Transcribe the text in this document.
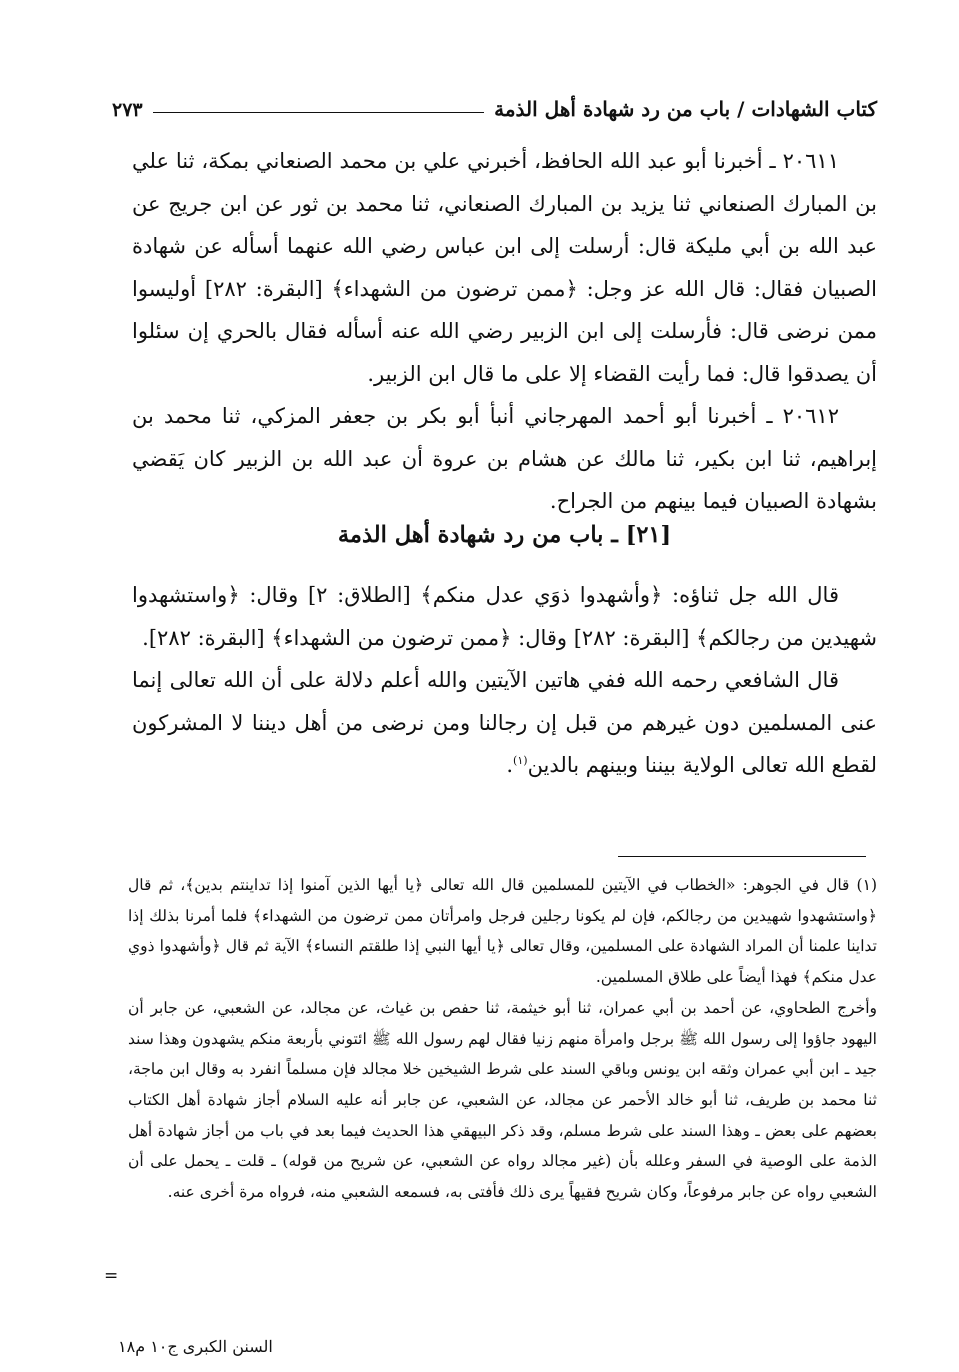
كتاب الشهادات / باب من رد شهادة أهل الذمة
٢٧٣

٢٠٦١١ ـ أخبرنا أبو عبد الله الحافظ، أخبرني علي بن محمد الصنعاني بمكة، ثنا علي بن المبارك الصنعاني ثنا يزيد بن المبارك الصنعاني، ثنا محمد بن ثور عن ابن جريج عن عبد الله بن أبي مليكة قال: أرسلت إلى ابن عباس رضي الله عنهما أسأله عن شهادة الصبيان فقال: قال الله عز وجل: ﴿ممن ترضون من الشهداء﴾ [البقرة: ٢٨٢] أوليسوا ممن نرضى قال: فأرسلت إلى ابن الزبير رضي الله عنه أسأله فقال بالحري إن سئلوا أن يصدقوا قال: فما رأيت القضاء إلا على ما قال ابن الزبير.

٢٠٦١٢ ـ أخبرنا أبو أحمد المهرجاني أنبأ أبو بكر بن جعفر المزكي، ثنا محمد بن إبراهيم، ثنا ابن بكير، ثنا مالك عن هشام بن عروة أن عبد الله بن الزبير كان يَقضي بشهادة الصبيان فيما بينهم من الجراح.

[٢١] ـ باب من رد شهادة أهل الذمة

قال الله جل ثناؤه: ﴿وأشهدوا ذوَي عدل منكم﴾ [الطلاق: ٢] وقال: ﴿واستشهدوا شهيدين من رجالكم﴾ [البقرة: ٢٨٢] وقال: ﴿ممن ترضون من الشهداء﴾ [البقرة: ٢٨٢].

قال الشافعي رحمه الله ففي هاتين الآيتين والله أعلم دلالة على أن الله تعالى إنما عنى المسلمين دون غيرهم من قبل إن رجالنا ومن نرضى من أهل ديننا لا المشركون لقطع الله تعالى الولاية بيننا وبينهم بالدين$^{(١)}$.

(١) قال في الجوهر: «الخطاب في الآيتين للمسلمين قال الله تعالى ﴿يا أيها الذين آمنوا إذا تداينتم بدين﴾، ثم قال ﴿واستشهدوا شهيدين من رجالكم، فإن لم يكونا رجلين فرجل وامرأتان ممن ترضون من الشهداء﴾ فلما أمرنا بذلك إذا تداينا علمنا أن المراد الشهادة على المسلمين، وقال تعالى ﴿يا أيها النبي إذا طلقتم النساء﴾ الآية ثم قال ﴿وأشهدوا ذوي عدل منكم﴾ فهذا أيضاً على طلاق المسلمين.

وأخرج الطحاوي، عن أحمد بن أبي عمران، ثنا أبو خيثمة، ثنا حفص بن غياث، عن مجالد، عن الشعبي، عن جابر أن اليهود جاؤوا إلى رسول الله ﷺ برجل وامرأة منهم زنيا فقال لهم رسول الله ﷺ ائتوني بأربعة منكم يشهدون وهذا سند جيد ـ ابن أبي عمران وثقه ابن يونس وباقي السند على شرط الشيخين خلا مجالد فإن مسلماً انفرد به وقال ابن ماجة، ثنا محمد بن طريف، ثنا أبو خالد الأحمر عن مجالد، عن الشعبي، عن جابر أنه عليه السلام أجاز شهادة أهل الكتاب بعضهم على بعض ـ وهذا السند على شرط مسلم، وقد ذكر البيهقي هذا الحديث فيما بعد في باب من أجاز شهادة أهل الذمة على الوصية في السفر وعلله بأن (غير مجالد رواه عن الشعبي، عن شريح من قوله) ـ قلت ـ يحمل على أن الشعبي رواه عن جابر مرفوعاً، وكان شريح فقيهاً يرى ذلك فأفتى به، فسمعه الشعبي منه، فرواه مرة أخرى عنه.

=
السنن الكبرى ج١٠ م١٨
